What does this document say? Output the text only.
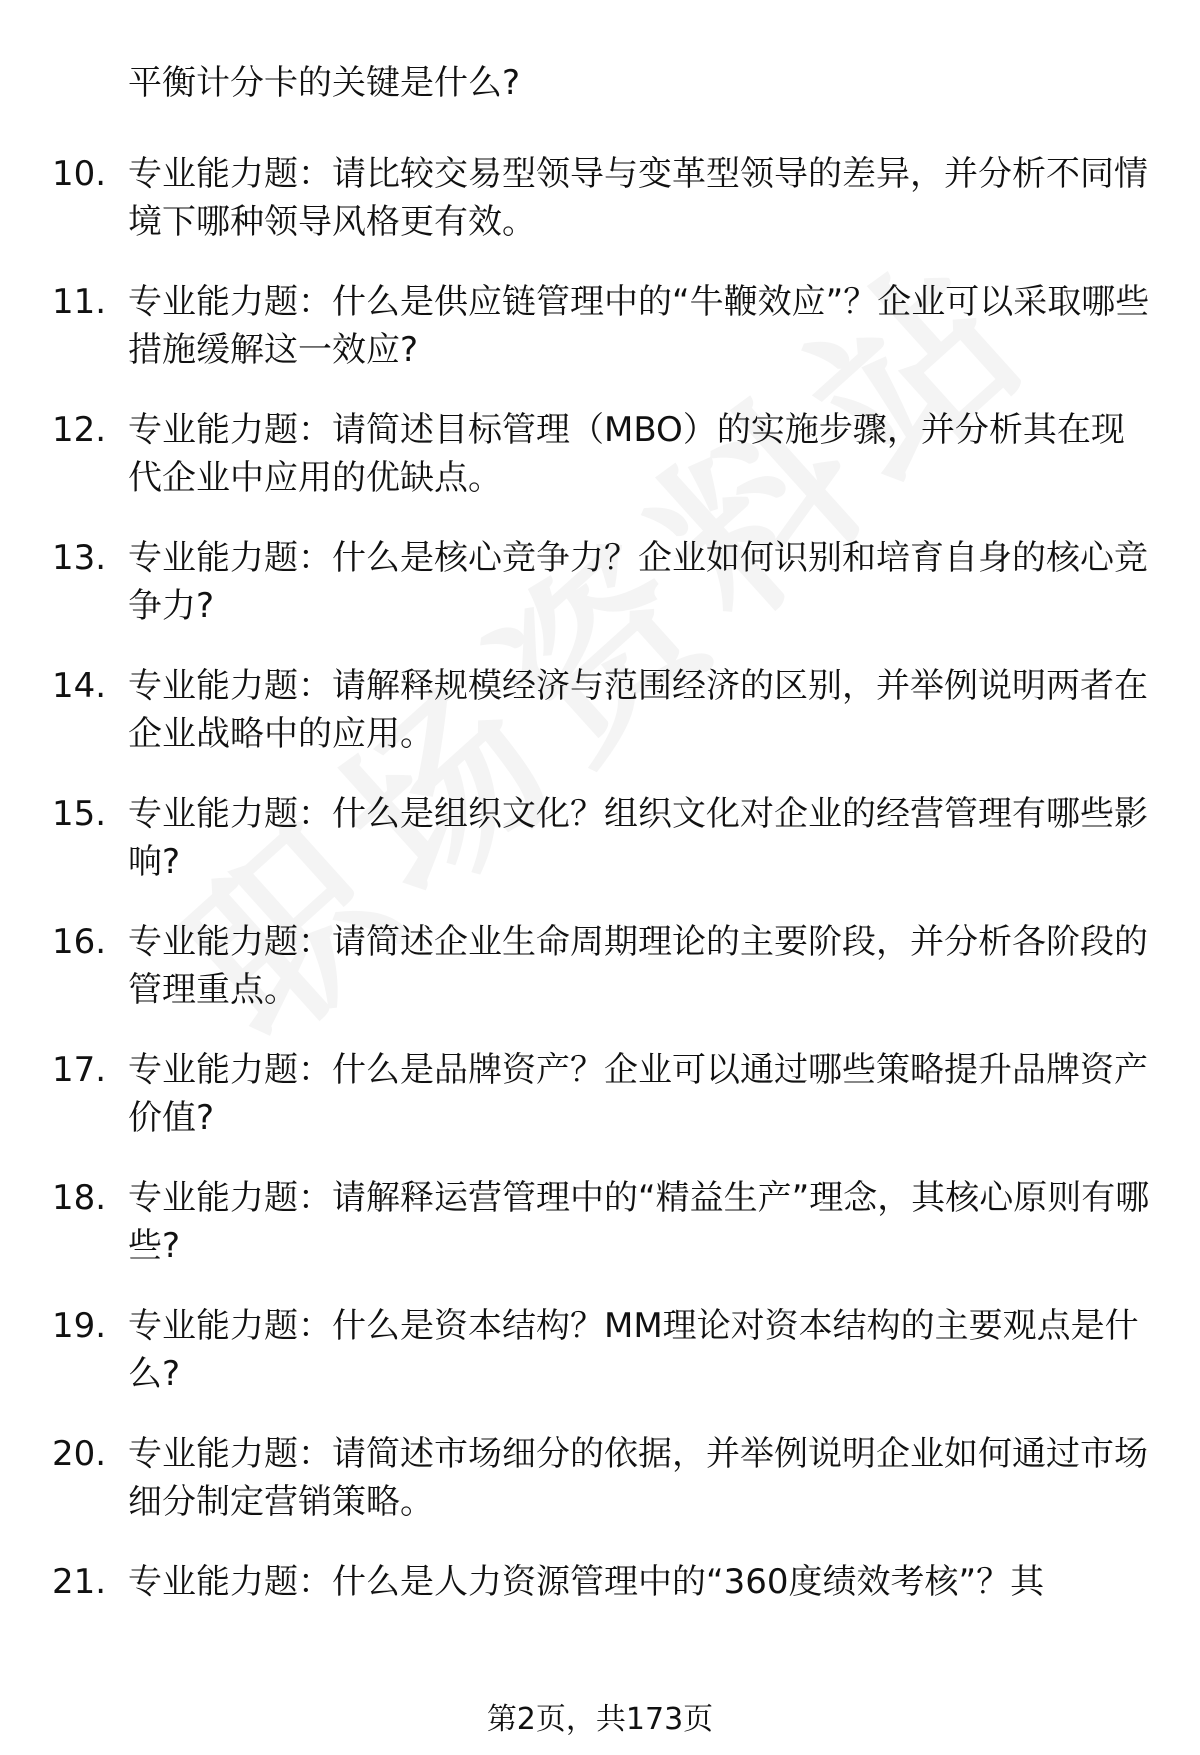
平衡计分卡的关键是什么?

10. 专业能力题：请比较交易型领导与变革型领导的差异，并分析不同情境下哪种领导风格更有效。
11. 专业能力题：什么是供应链管理中的“牛鞭效应”？企业可以采取哪些措施缓解这一效应?
12. 专业能力题：请简述目标管理（MBO）的实施步骤，并分析其在现代企业中应用的优缺点。
13. 专业能力题：什么是核心竞争力？企业如何识别和培育自身的核心竞争力?
14. 专业能力题：请解释规模经济与范围经济的区别，并举例说明两者在企业战略中的应用。
15. 专业能力题：什么是组织文化？组织文化对企业的经营管理有哪些影响?
16. 专业能力题：请简述企业生命周期理论的主要阶段，并分析各阶段的管理重点。
17. 专业能力题：什么是品牌资产？企业可以通过哪些策略提升品牌资产价值?
18. 专业能力题：请解释运营管理中的“精益生产”理念，其核心原则有哪些?
19. 专业能力题：什么是资本结构？MM理论对资本结构的主要观点是什么?
20. 专业能力题：请简述市场细分的依据，并举例说明企业如何通过市场细分制定营销策略。
21. 专业能力题：什么是人力资源管理中的“360度绩效考核”？其
第2页，共173页
